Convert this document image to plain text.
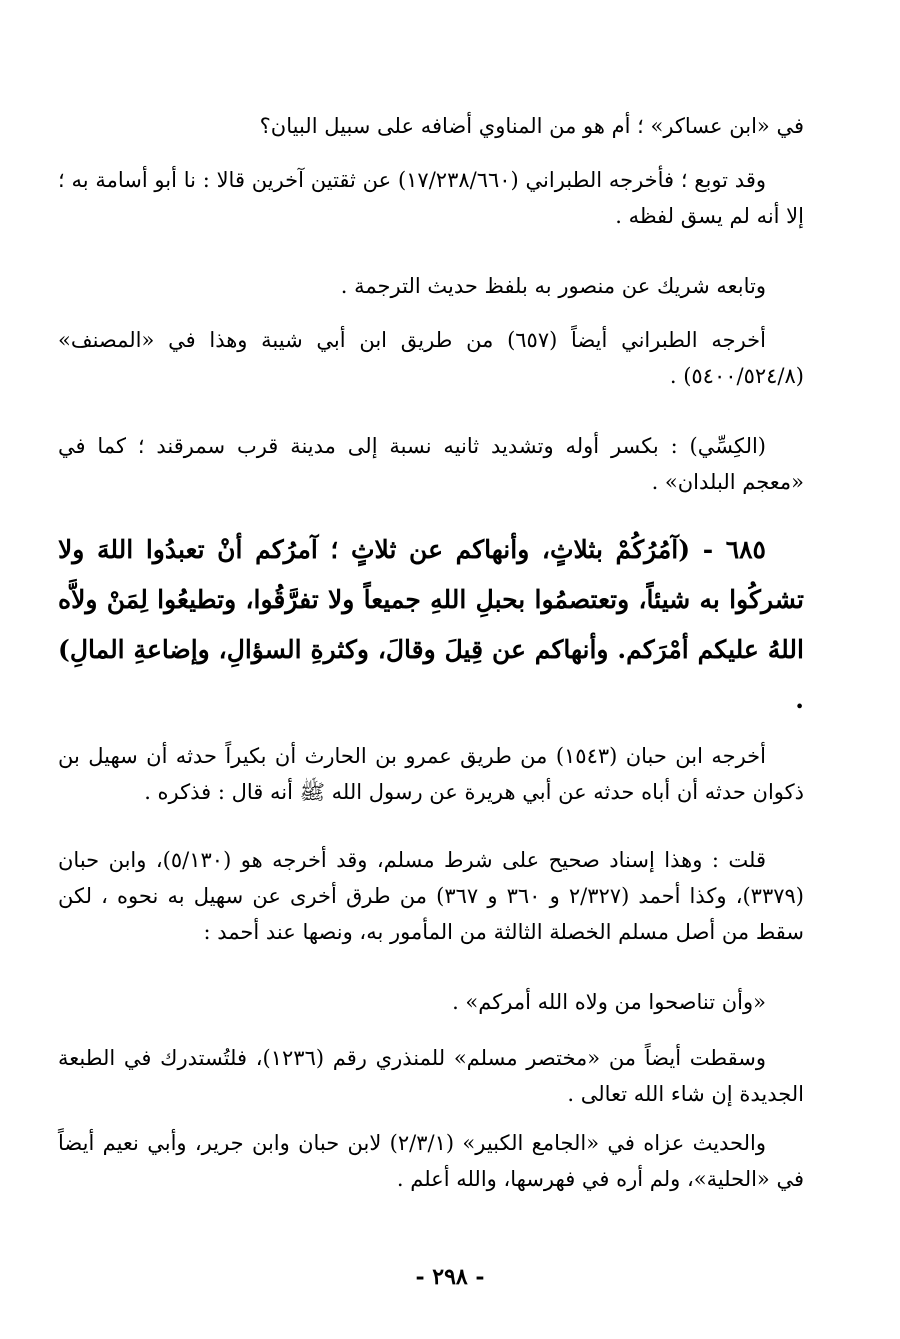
في «ابن عساكر» ؛ أم هو من المناوي أضافه على سبيل البيان؟

وقد توبع ؛ فأخرجه الطبراني (١٧/٢٣٨/٦٦٠) عن ثقتين آخرين قالا : نا أبو أسامة به ؛ إلا أنه لم يسق لفظه .

وتابعه شريك عن منصور به بلفظ حديث الترجمة .

أخرجه الطبراني أيضاً (٦٥٧) من طريق ابن أبي شيبة وهذا في «المصنف» (٥٤٠٠/٥٢٤/٨) .

(الكِسِّي) : بكسر أوله وتشديد ثانيه نسبة إلى مدينة قرب سمرقند ؛ كما في «معجم البلدان» .

٦٨٥ - (آمُرُكُمْ بثلاثٍ، وأنهاكم عن ثلاثٍ ؛ آمرُكم أنْ تعبدُوا اللهَ ولا تشركُوا به شيئاً، وتعتصمُوا بحبلِ اللهِ جميعاً ولا تفرَّقُوا، وتطيعُوا لِمَنْ ولاَّه اللهُ عليكم أمْرَكم. وأنهاكم عن قِيلَ وقالَ، وكثرةِ السؤالِ، وإضاعةِ المالِ) .

أخرجه ابن حبان (١٥٤٣) من طريق عمرو بن الحارث أن بكيراً حدثه أن سهيل بن ذكوان حدثه أن أباه حدثه عن أبي هريرة عن رسول الله ﷺ أنه قال : فذكره .

قلت : وهذا إسناد صحيح على شرط مسلم، وقد أخرجه هو (٥/١٣٠)، وابن حبان (٣٣٧٩)، وكذا أحمد (٢/٣٢٧ و ٣٦٠ و ٣٦٧) من طرق أخرى عن سهيل به نحوه ، لكن سقط من أصل مسلم الخصلة الثالثة من المأمور به، ونصها عند أحمد :

«وأن تناصحوا من ولاه الله أمركم» .

وسقطت أيضاً من «مختصر مسلم» للمنذري رقم (١٢٣٦)، فلتُستدرك في الطبعة الجديدة إن شاء الله تعالى .

والحديث عزاه في «الجامع الكبير» (٢/٣/١) لابن حبان وابن جرير، وأبي نعيم أيضاً في «الحلية»، ولم أره في فهرسها، والله أعلم .

- ٢٩٨ -
